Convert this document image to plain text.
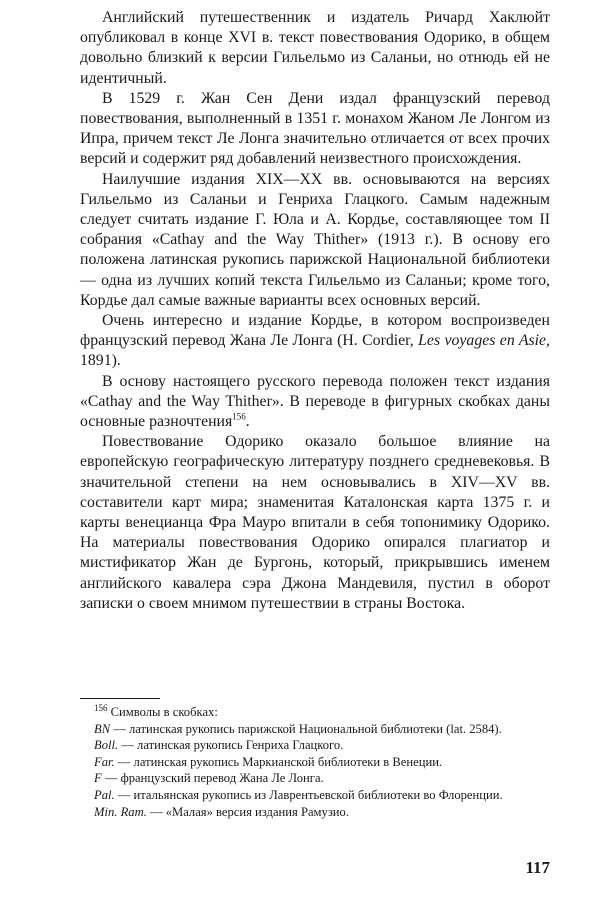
Английский путешественник и издатель Ричард Хаклюйт опубликовал в конце XVI в. текст повествования Одорико, в общем довольно близкий к версии Гильельмо из Саланьи, но отнюдь ей не идентичный.

В 1529 г. Жан Сен Дени издал французский перевод повествования, выполненный в 1351 г. монахом Жаном Ле Лонгом из Ипра, причем текст Ле Лонга значительно отличается от всех прочих версий и содержит ряд добавлений неизвестного происхождения.

Наилучшие издания XIX—XX вв. основываются на версиях Гильельмо из Саланьи и Генриха Глацкого. Самым надежным следует считать издание Г. Юла и А. Кордье, составляющее том II собрания «Cathay and the Way Thither» (1913 г.). В основу его положена латинская рукопись парижской Национальной библиотеки — одна из лучших копий текста Гильельмо из Саланьи; кроме того, Кордье дал самые важные варианты всех основных версий.

Очень интересно и издание Кордье, в котором воспроизведен французский перевод Жана Ле Лонга (H. Cordier, Les voyages en Asie, 1891).

В основу настоящего русского перевода положен текст издания «Cathay and the Way Thither». В переводе в фигурных скобках даны основные разночтения$^{156}$.

Повествование Одорико оказало большое влияние на европейскую географическую литературу позднего средневековья. В значительной степени на нем основывались в XIV—XV вв. составители карт мира; знаменитая Каталонская карта 1375 г. и карты венецианца Фра Мауро впитали в себя топонимику Одорико. На материалы повествования Одорико опирался плагиатор и мистификатор Жан де Бургонь, который, прикрывшись именем английского кавалера сэра Джона Мандевиля, пустил в оборот записки о своем мнимом путешествии в страны Востока.

$^{156}$ Символы в скобках:

BN — латинская рукопись парижской Национальной библиотеки (lat. 2584).

Boll. — латинская рукопись Генриха Глацкого.

Far. — латинская рукопись Маркианской библиотеки в Венеции.

F — французский перевод Жана Ле Лонга.

Pal. — итальянская рукопись из Лаврентьевской библиотеки во Флоренции.

Min. Ram. — «Малая» версия издания Рамузио.

117
